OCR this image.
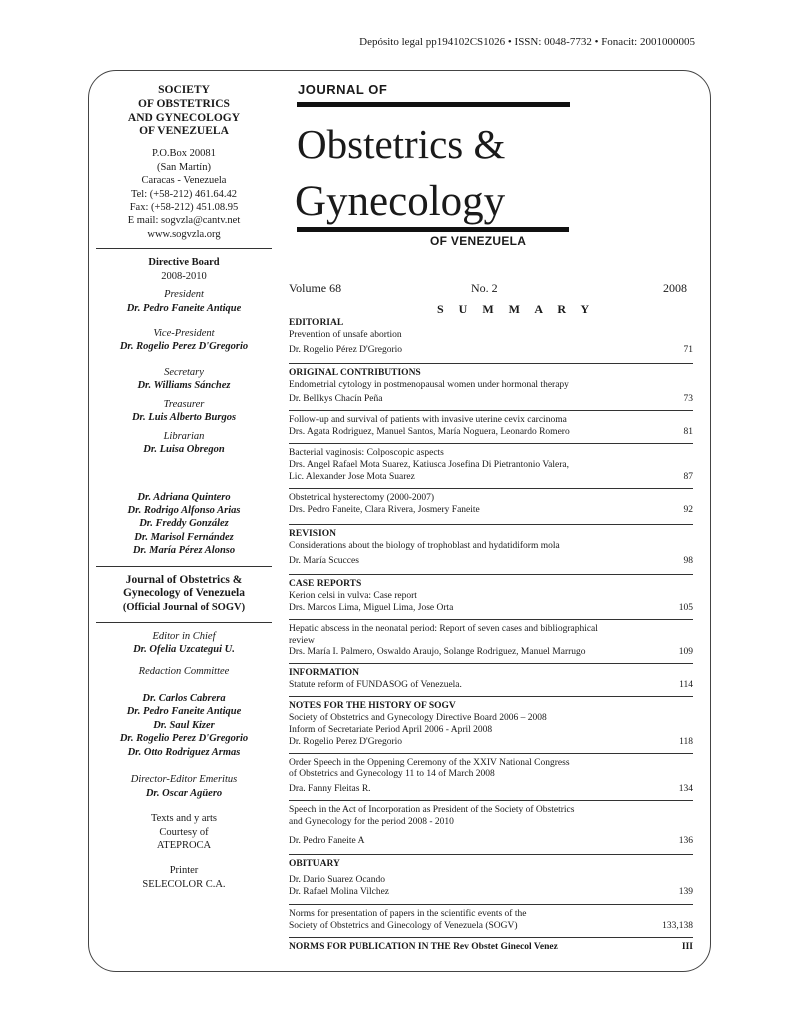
Depósito legal pp194102CS1026 • ISSN: 0048-7732 • Fonacit: 2001000005
SOCIETY
OF OBSTETRICS
AND GYNECOLOGY
OF VENEZUELA
P.O.Box 20081
(San Martín)
Caracas - Venezuela
Tel: (+58-212) 461.64.42
Fax: (+58-212) 451.08.95
E mail: sogvzla@cantv.net
www.sogvzla.org
Directive Board
2008-2010
President
Dr. Pedro Faneite Antique
Vice-President
Dr. Rogelio Perez D'Gregorio
Secretary
Dr. Williams Sánchez
Treasurer
Dr. Luis Alberto Burgos
Librarian
Dr. Luisa Obregon
Dr. Adriana Quintero
Dr. Rodrigo Alfonso Arias
Dr. Freddy González
Dr. Marisol Fernández
Dr. María Pérez Alonso
Journal of Obstetrics &
Gynecology of Venezuela
(Official Journal of SOGV)
Editor in Chief
Dr. Ofelia Uzcategui U.
Redaction Committee
Dr. Carlos Cabrera
Dr. Pedro Faneite Antique
Dr. Saul Kizer
Dr. Rogelio Perez D'Gregorio
Dr. Otto Rodriguez Armas
Director-Editor Emeritus
Dr. Oscar Agüero
Texts and y arts
Courtesy of
ATEPROCA
Printer
SELECOLOR C.A.
JOURNAL OF
Obstetrics &
Gynecology
OF VENEZUELA
Volume 68	No. 2	2008
S U M M A R Y
EDITORIAL
Prevention of unsafe abortion
Dr. Rogelio Pérez D'Gregorio	71
ORIGINAL CONTRIBUTIONS
Endometrial cytology in postmenopausal women under hormonal therapy
Dr. Bellkys Chacín Peña	73
Follow-up and survival of patients with invasive uterine cevix carcinoma
Drs. Agata Rodriguez, Manuel Santos, María Noguera, Leonardo Romero	81
Bacterial vaginosis: Colposcopic aspects
Drs. Angel Rafael Mota Suarez, Katiusca Josefina Di Pietrantonio Valera,
Lic. Alexander Jose Mota Suarez	87
Obstetrical hysterectomy (2000-2007)
Drs. Pedro Faneite, Clara Rivera, Josmery Faneite	92
REVISION
Considerations about the biology of trophoblast and hydatidiform mola
Dr. María Scucces	98
CASE REPORTS
Kerion celsi in vulva: Case report
Drs. Marcos Lima, Miguel Lima, Jose Orta	105
Hepatic abscess in the neonatal period: Report of seven cases and bibliographical
review
Drs. María I. Palmero, Oswaldo Araujo, Solange Rodriguez, Manuel Marrugo	109
INFORMATION
Statute reform of FUNDASOG of Venezuela.	114
NOTES FOR THE HISTORY OF SOGV
Society of Obstetrics and Gynecology Directive Board 2006 – 2008
Inform of Secretariate Period April 2006 - April 2008
Dr. Rogelio Perez D'Gregorio	118
Order Speech in the Oppening Ceremony of the XXIV National Congress
of Obstetrics and Gynecology 11 to 14 of March 2008
Dra. Fanny Fleitas R.	134
Speech in the Act of Incorporation as President of the Society of Obstetrics
and Gynecology for the period 2008 - 2010
Dr. Pedro Faneite A	136
OBITUARY
Dr. Dario Suarez Ocando
Dr. Rafael Molina Vilchez	139
Norms for presentation of papers in the scientific events of the
Society of Obstetrics and Ginecology of Venezuela (SOGV)	133,138
NORMS FOR PUBLICATION IN THE Rev Obstet Ginecol Venez	III
